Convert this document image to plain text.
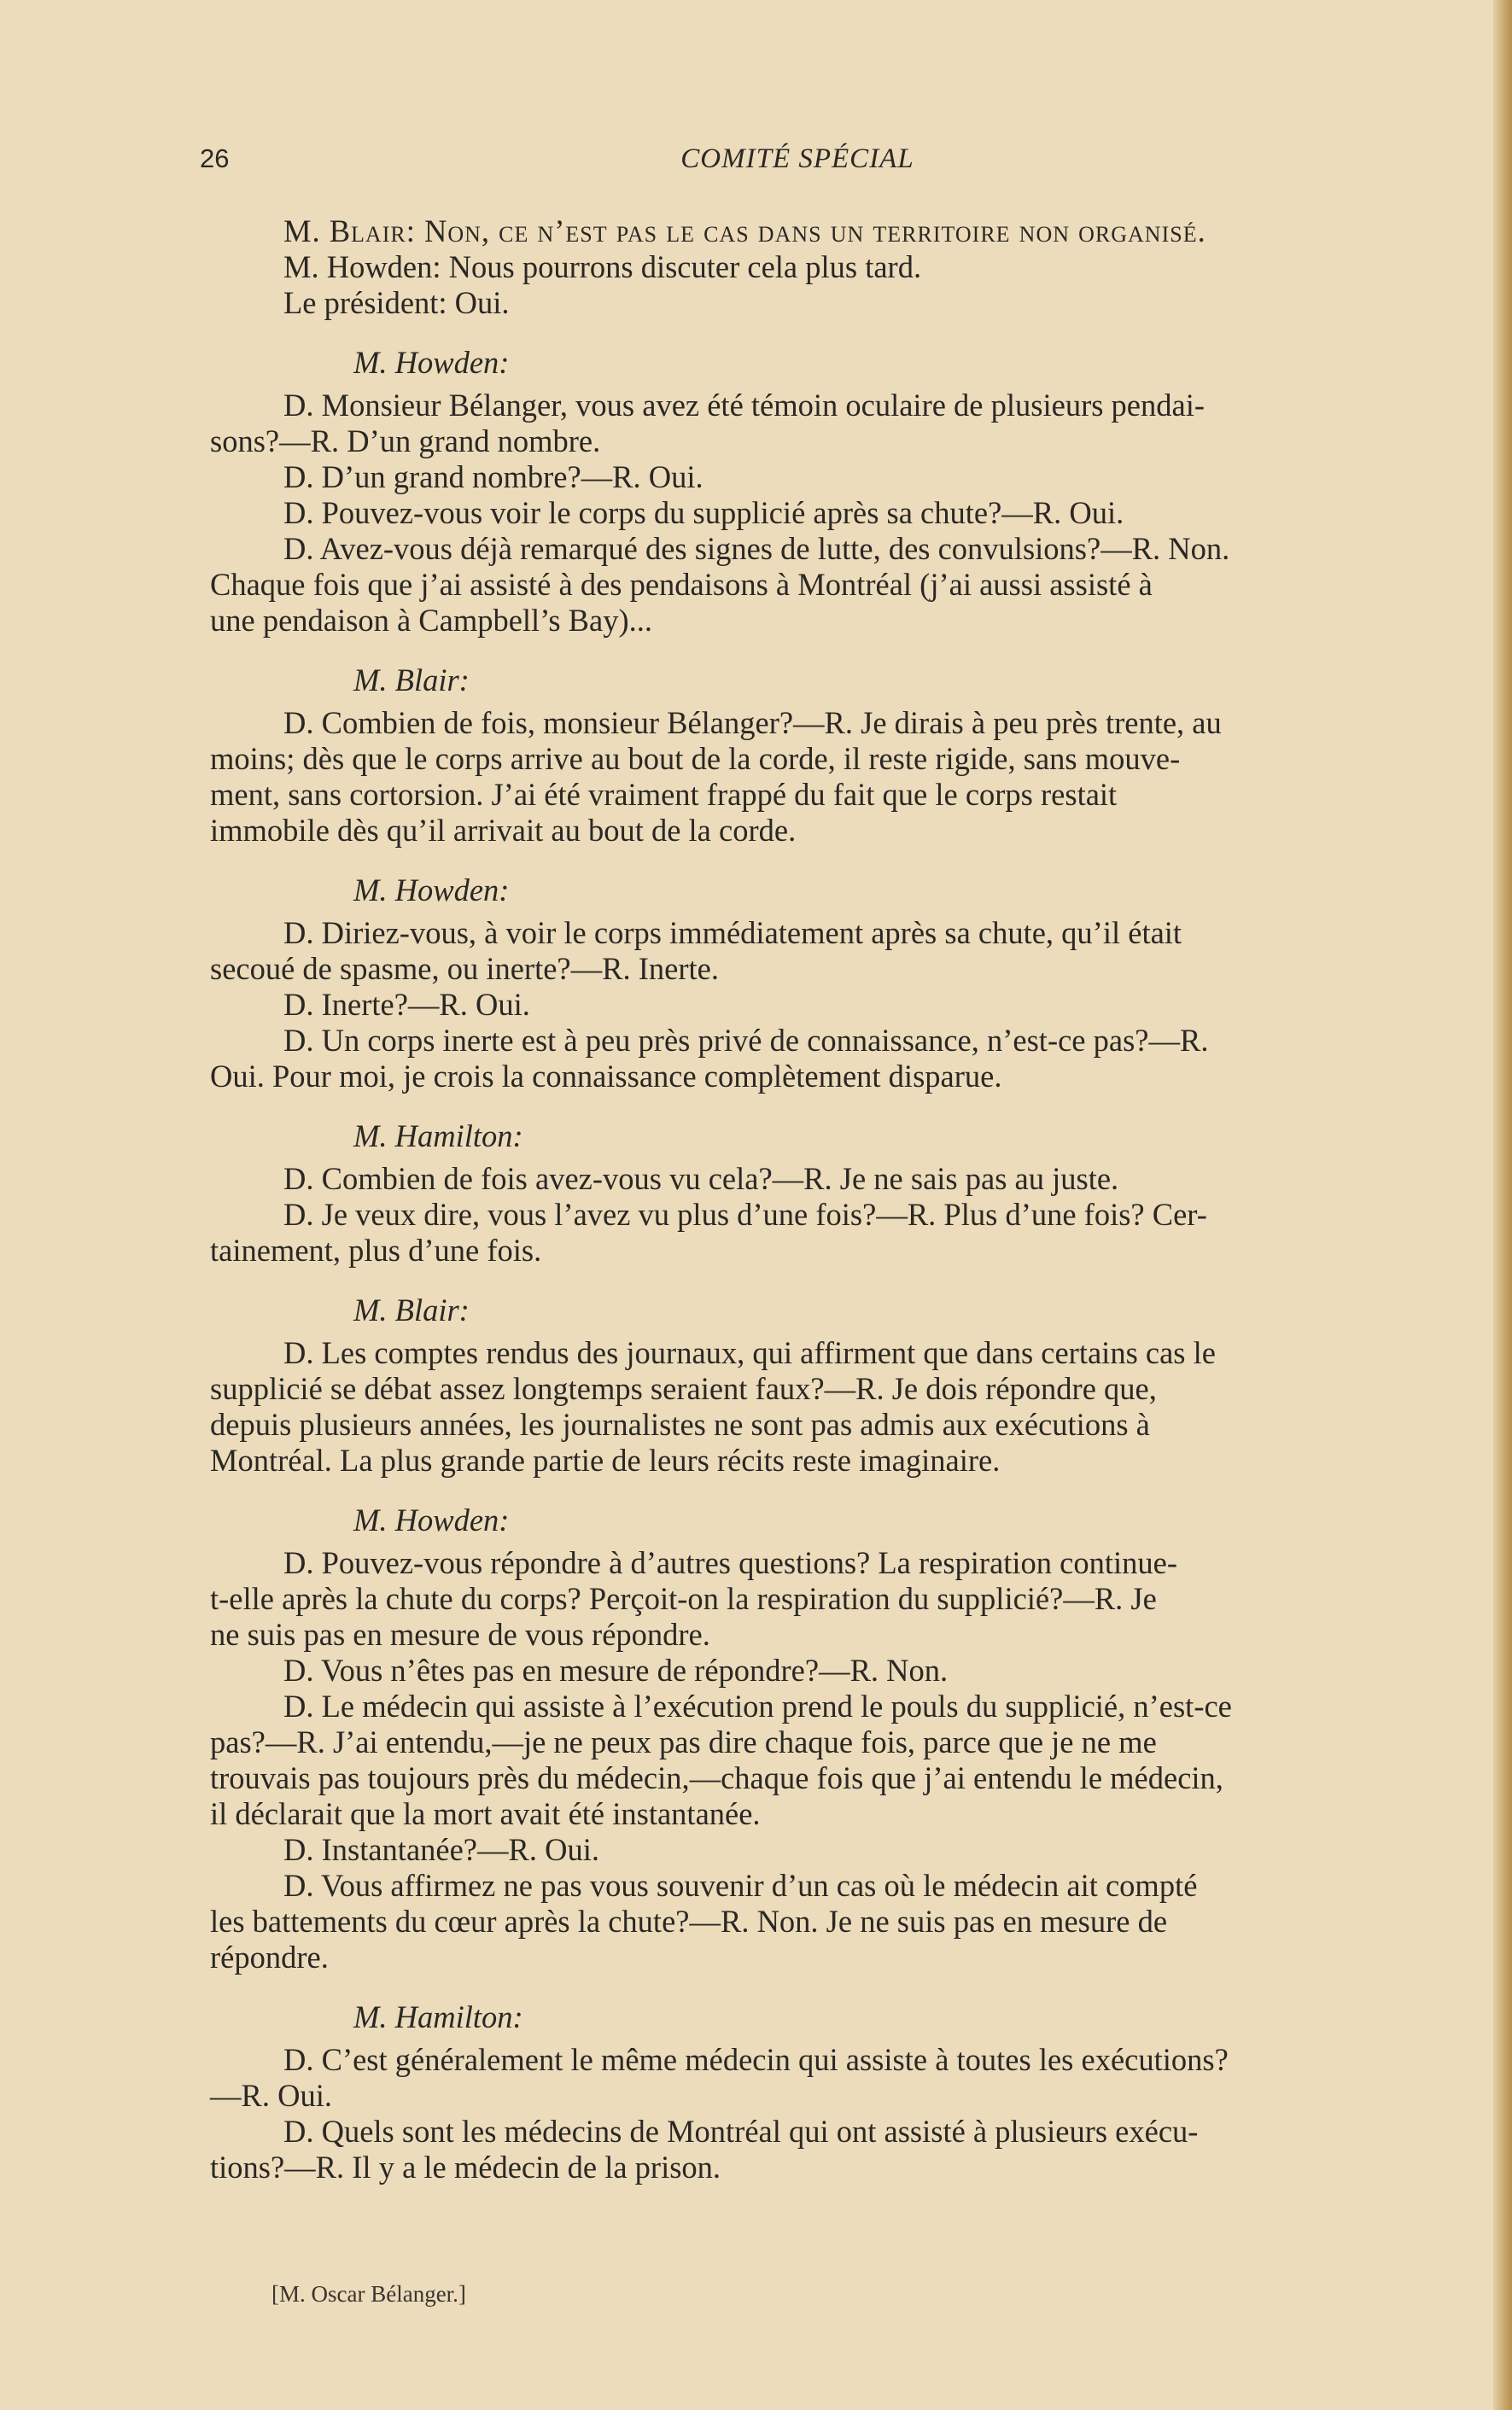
26	COMITÉ SPÉCIAL
M. Blair: Non, ce n’est pas le cas dans un territoire non organisé.
M. Howden: Nous pourrons discuter cela plus tard.
Le président: Oui.
M. Howden:
D. Monsieur Bélanger, vous avez été témoin oculaire de plusieurs pendai-
sons?—R. D’un grand nombre.
D. D’un grand nombre?—R. Oui.
D. Pouvez-vous voir le corps du supplicié après sa chute?—R. Oui.
D. Avez-vous déjà remarqué des signes de lutte, des convulsions?—R. Non.
Chaque fois que j’ai assisté à des pendaisons à Montréal (j’ai aussi assisté à
une pendaison à Campbell’s Bay)...
M. Blair:
D. Combien de fois, monsieur Bélanger?—R. Je dirais à peu près trente, au
moins; dès que le corps arrive au bout de la corde, il reste rigide, sans mouve-
ment, sans cortorsion. J’ai été vraiment frappé du fait que le corps restait
immobile dès qu’il arrivait au bout de la corde.
M. Howden:
D. Diriez-vous, à voir le corps immédiatement après sa chute, qu’il était
secoué de spasme, ou inerte?—R. Inerte.
D. Inerte?—R. Oui.
D. Un corps inerte est à peu près privé de connaissance, n’est-ce pas?—R.
Oui. Pour moi, je crois la connaissance complètement disparue.
M. Hamilton:
D. Combien de fois avez-vous vu cela?—R. Je ne sais pas au juste.
D. Je veux dire, vous l’avez vu plus d’une fois?—R. Plus d’une fois? Cer-
tainement, plus d’une fois.
M. Blair:
D. Les comptes rendus des journaux, qui affirment que dans certains cas le
supplicié se débat assez longtemps seraient faux?—R. Je dois répondre que,
depuis plusieurs années, les journalistes ne sont pas admis aux exécutions à
Montréal. La plus grande partie de leurs récits reste imaginaire.
M. Howden:
D. Pouvez-vous répondre à d’autres questions? La respiration continue-
t-elle après la chute du corps? Perçoit-on la respiration du supplicié?—R. Je
ne suis pas en mesure de vous répondre.
D. Vous n’êtes pas en mesure de répondre?—R. Non.
D. Le médecin qui assiste à l’exécution prend le pouls du supplicié, n’est-ce
pas?—R. J’ai entendu,—je ne peux pas dire chaque fois, parce que je ne me
trouvais pas toujours près du médecin,—chaque fois que j’ai entendu le médecin,
il déclarait que la mort avait été instantanée.
D. Instantanée?—R. Oui.
D. Vous affirmez ne pas vous souvenir d’un cas où le médecin ait compté
les battements du cœur après la chute?—R. Non. Je ne suis pas en mesure de
répondre.
M. Hamilton:
D. C’est généralement le même médecin qui assiste à toutes les exécutions?
—R. Oui.
D. Quels sont les médecins de Montréal qui ont assisté à plusieurs exécu-
tions?—R. Il y a le médecin de la prison.
[M. Oscar Bélanger.]
